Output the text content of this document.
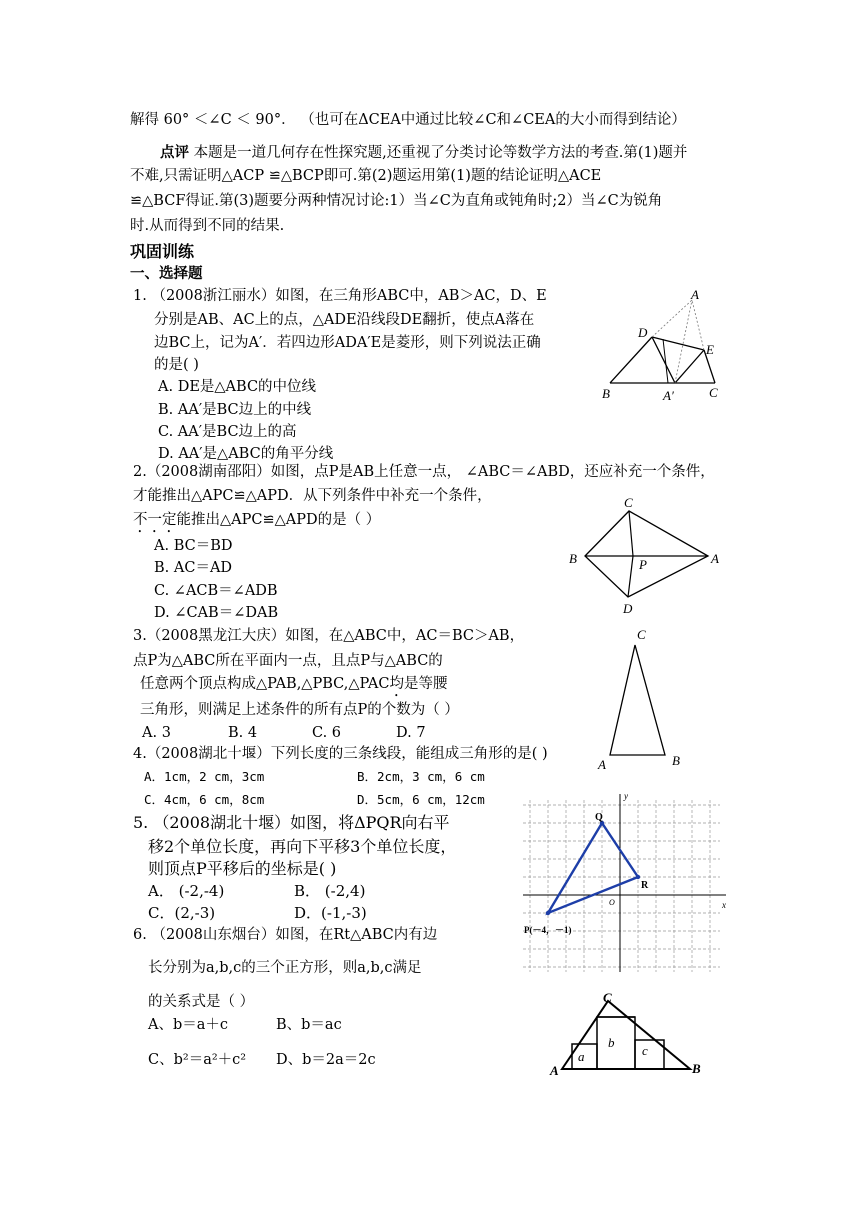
解得 60° ＜∠C ＜ 90°． （也可在ΔCEA中通过比较∠C和∠CEA的大小而得到结论）
点评 本题是一道几何存在性探究题,还重视了分类讨论等数学方法的考查.第(1)题并
不难,只需证明△ACP ≌△BCP即可.第(2)题运用第(1)题的结论证明△ACE
≌△BCF得证.第(3)题要分两种情况讨论:1）当∠C为直角或钝角时;2）当∠C为锐角
时.从而得到不同的结果.
巩固训练
一、选择题
1. （2008浙江丽水）如图，在三角形ABC中，AB＞AC，D、E
分别是AB、AC上的点，△ADE沿线段DE翻折，使点A落在
边BC上，记为A′．若四边形ADA′E是菱形，则下列说法正确
的是( )
A. DE是△ABC的中位线
B. AA′是BC边上的中线
C. AA′是BC边上的高
D. AA′是△ABC的角平分线
A
D
E
B	A′	C
2.（2008湖南邵阳）如图，点P是AB上任意一点， ∠ABC＝∠ABD，还应补充一个条件，
才能推出△APC≌△APD．从下列条件中补充一个条件，
不一定能推出△APC≌△APD的是（ ）
A. BC＝BD
B. AC＝AD
C. ∠ACB＝∠ADB
D. ∠CAB＝∠DAB
C
B	A
P
D
3.（2008黑龙江大庆）如图，在△ABC中，AC＝BC＞AB，
点P为△ABC所在平面内一点，且点P与△ABC的
任意两个顶点构成△PAB,△PBC,△PAC均是等腰
三角形，则满足上述条件的所有点P的个数为（ ）
A. 3	B. 4	C. 6	D. 7
C
A	B
4.（2008湖北十堰）下列长度的三条线段，能组成三角形的是( )
A．1cm，2 cm，3cm	B．2cm，3 cm，6 cm
C．4cm，6 cm，8cm	D．5cm，6 cm，12cm
5. （2008湖北十堰）如图，将ΔPQR向右平
移2个单位长度，再向下平移3个单位长度，
则顶点P平移后的坐标是( )
A． (-2,-4)	B． (-2,4)
C．(2,-3)	D．(-1,-3)	x
y
Q
R
P(－4，－1)
O
6. （2008山东烟台）如图，在Rt△ABC内有边
长分别为a,b,c的三个正方形，则a,b,c满足
的关系式是（ ）
A、b＝a＋c	B、b＝ac
C、b²＝a²＋c² D、b＝2a＝2c	a
b
c
A	B
C
